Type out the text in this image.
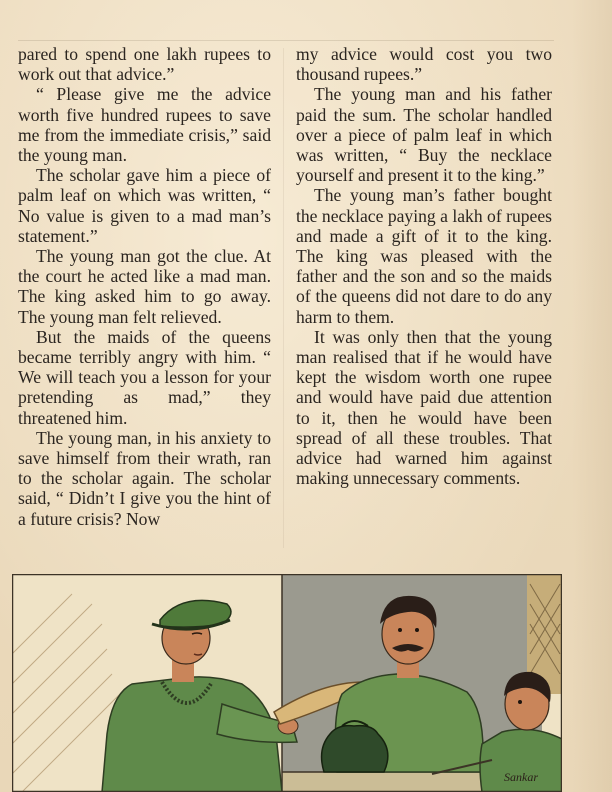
pared to spend one lakh rupees to work out that advice.”

“ Please give me the advice worth five hundred rupees to save me from the immediate crisis,” said the young man.

The scholar gave him a piece of palm leaf on which was written, “ No value is given to a mad man’s statement.”

The young man got the clue. At the court he acted like a mad man. The king asked him to go away. The young man felt relieved.

But the maids of the queens became terribly angry with him. “ We will teach you a lesson for your pretending as mad,” they threatened him.

The young man, in his anxiety to save himself from their wrath, ran to the scholar again. The scholar said, “ Didn’t I give you the hint of a future crisis? Now

my advice would cost you two thousand rupees.”

The young man and his father paid the sum. The scholar handled over a piece of palm leaf in which was written, “ Buy the necklace yourself and present it to the king.”

The young man’s father bought the necklace paying a lakh of rupees and made a gift of it to the king. The king was pleased with the father and the son and so the maids of the queens did not dare to do any harm to them.

It was only then that the young man realised that if he would have kept the wisdom worth one rupee and would have paid due attention to it, then he would have been spread of all these troubles. That advice had warned him against making unnecessary comments.

Sankar
